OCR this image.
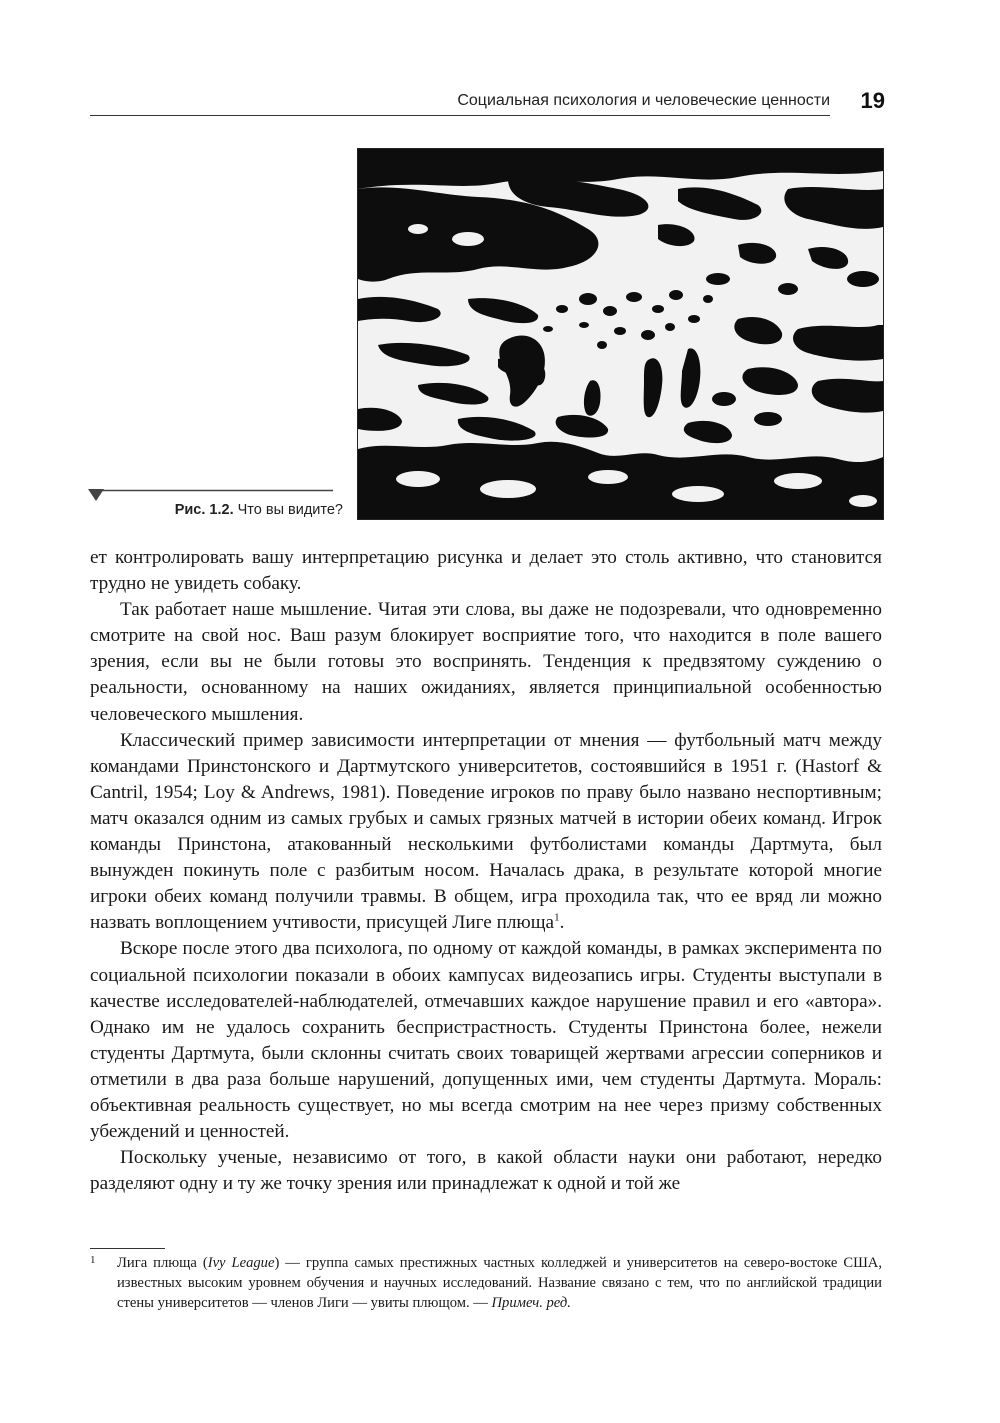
Социальная психология и человеческие ценности 19
Рис. 1.2. Что вы видите?

ет контролировать вашу интерпретацию рисунка и делает это столь активно, что становится трудно не увидеть собаку.

Так работает наше мышление. Читая эти слова, вы даже не подозревали, что одновременно смотрите на свой нос. Ваш разум блокирует восприятие того, что находится в поле вашего зрения, если вы не были готовы это воспринять. Тенденция к предвзятому суждению о реальности, основанному на наших ожиданиях, является принципиальной особенностью человеческого мышления.

Классический пример зависимости интерпретации от мнения — футбольный матч между командами Принстонского и Дартмутского университетов, состоявшийся в 1951 г. (Hastorf & Cantril, 1954; Loy & Andrews, 1981). Поведение игроков по праву было названо неспортивным; матч оказался одним из самых грубых и самых грязных матчей в истории обеих команд. Игрок команды Принстона, атакованный несколькими футболистами команды Дартмута, был вынужден покинуть поле с разбитым носом. Началась драка, в результате которой многие игроки обеих команд получили травмы. В общем, игра проходила так, что ее вряд ли можно назвать воплощением учтивости, присущей Лиге плюща$^1$.

Вскоре после этого два психолога, по одному от каждой команды, в рамках эксперимента по социальной психологии показали в обоих кампусах видеозапись игры. Студенты выступали в качестве исследователей-наблюдателей, отмечавших каждое нарушение правил и его «автора». Однако им не удалось сохранить беспристрастность. Студенты Принстона более, нежели студенты Дартмута, были склонны считать своих товарищей жертвами агрессии соперников и отметили в два раза больше нарушений, допущенных ими, чем студенты Дартмута. Мораль: объективная реальность существует, но мы всегда смотрим на нее через призму собственных убеждений и ценностей.

Поскольку ученые, независимо от того, в какой области науки они работают, нередко разделяют одну и ту же точку зрения или принадлежат к одной и той же

1 Лига плюща (Ivy League) — группа самых престижных частных колледжей и университетов на северо-востоке США, известных высоким уровнем обучения и научных исследований. Название связано с тем, что по английской традиции стены университетов — членов Лиги — увиты плющом. — Примеч. ред.
